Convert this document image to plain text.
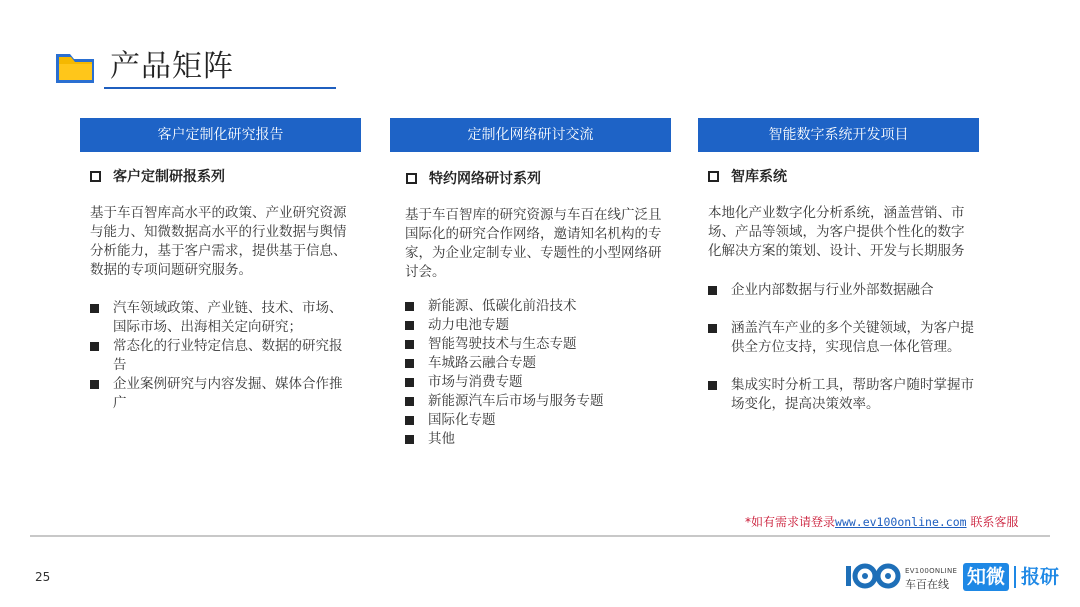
产品矩阵
客户定制化研究报告
客户定制研报系列
基于车百智库高水平的政策、产业研究资源与能力、知微数据高水平的行业数据与舆情分析能力，基于客户需求，提供基于信息、数据的专项问题研究服务。
汽车领域政策、产业链、技术、市场、国际市场、出海相关定向研究；
常态化的行业特定信息、数据的研究报告
企业案例研究与内容发掘、媒体合作推广
定制化网络研讨交流
特约网络研讨系列
基于车百智库的研究资源与车百在线广泛且国际化的研究合作网络，邀请知名机构的专家，为企业定制专业、专题性的小型网络研讨会。
新能源、低碳化前沿技术
动力电池专题
智能驾驶技术与生态专题
车城路云融合专题
市场与消费专题
新能源汽车后市场与服务专题
国际化专题
其他
智能数字系统开发项目
智库系统
本地化产业数字化分析系统，涵盖营销、市场、产品等领域，为客户提供个性化的数字化解决方案的策划、设计、开发与长期服务
企业内部数据与行业外部数据融合
涵盖汽车产业的多个关键领域，为客户提供全方位支持，实现信息一体化管理。
集成实时分析工具，帮助客户随时掌握市场变化，提高决策效率。
*如有需求请登录www.ev100online.com 联系客服
25	EV100ONLINE
车百在线 知微 报研
